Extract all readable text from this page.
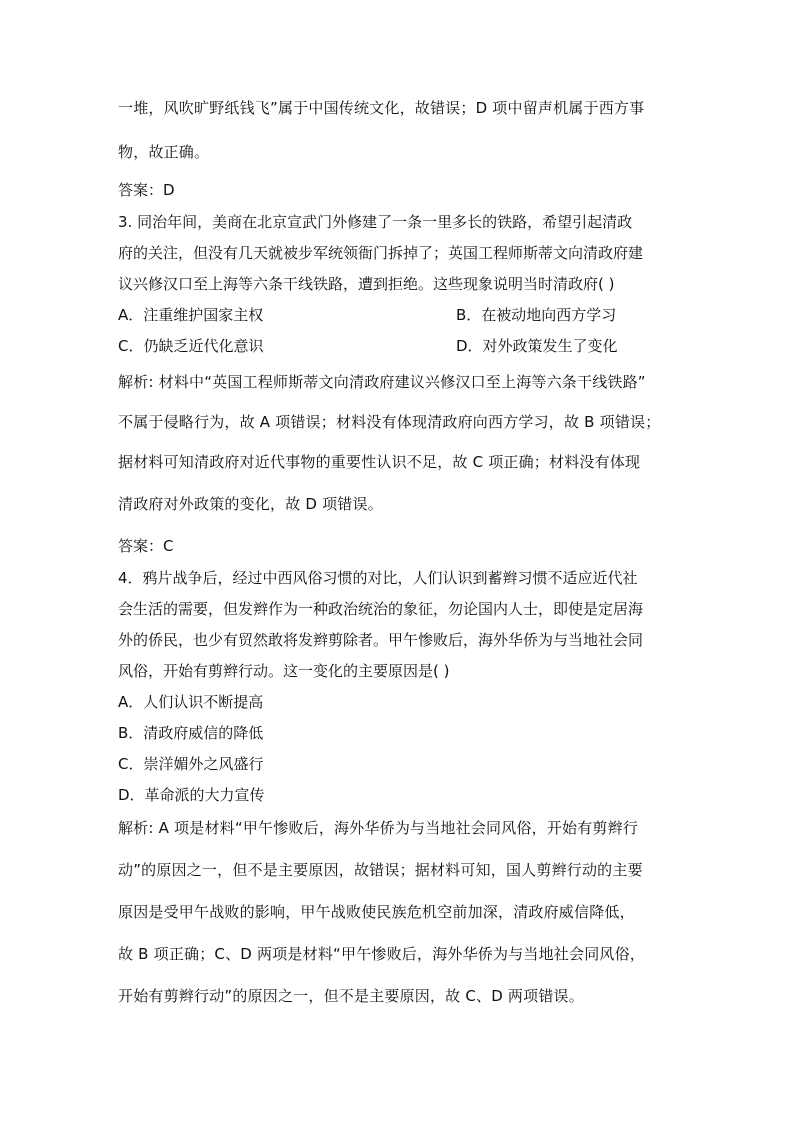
一堆，风吹旷野纸钱飞”属于中国传统文化，故错误；D 项中留声机属于西方事
物，故正确。
答案：D
3. 同治年间，美商在北京宣武门外修建了一条一里多长的铁路，希望引起清政
府的关注，但没有几天就被步军统领衙门拆掉了；英国工程师斯蒂文向清政府建
议兴修汉口至上海等六条干线铁路，遭到拒绝。这些现象说明当时清政府( )
A．注重维护国家主权	B．在被动地向西方学习
C．仍缺乏近代化意识	D．对外政策发生了变化
解析: 材料中“英国工程师斯蒂文向清政府建议兴修汉口至上海等六条干线铁路”
不属于侵略行为，故 A 项错误；材料没有体现清政府向西方学习，故 B 项错误；
据材料可知清政府对近代事物的重要性认识不足，故 C 项正确；材料没有体现
清政府对外政策的变化，故 D 项错误。
答案：C
4．鸦片战争后，经过中西风俗习惯的对比，人们认识到蓄辫习惯不适应近代社
会生活的需要，但发辫作为一种政治统治的象征，勿论国内人士，即使是定居海
外的侨民，也少有贸然敢将发辫剪除者。甲午惨败后，海外华侨为与当地社会同
风俗，开始有剪辫行动。这一变化的主要原因是( )
A．人们认识不断提高
B．清政府威信的降低
C．崇洋媚外之风盛行
D．革命派的大力宣传
解析: A 项是材料“甲午惨败后，海外华侨为与当地社会同风俗，开始有剪辫行
动”的原因之一，但不是主要原因，故错误；据材料可知，国人剪辫行动的主要
原因是受甲午战败的影响，甲午战败使民族危机空前加深，清政府威信降低，
故 B 项正确；C、D 两项是材料“甲午惨败后，海外华侨为与当地社会同风俗，
开始有剪辫行动”的原因之一，但不是主要原因，故 C、D 两项错误。
